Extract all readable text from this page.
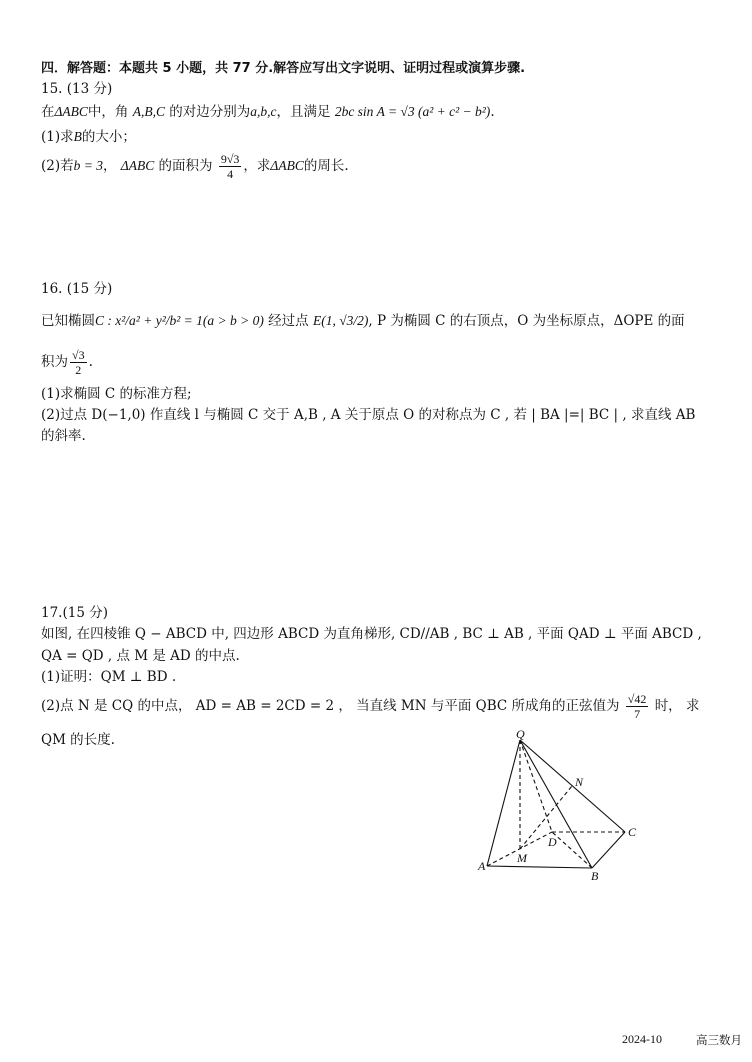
四．解答题：本题共 5 小题，共 77 分.解答应写出文字说明、证明过程或演算步骤.
15. (13 分)
在ΔABC中，角 A,B,C 的对边分别为a,b,c，且满足 2bc sin A = √3 (a² + c² − b²).
(1)求B的大小；
(2)若b = 3， ΔABC 的面积为 $\frac{9√3}{4}$ ，求ΔABC的周长.
16. (15 分)
已知椭圆C : x²/a² + y²/b² = 1(a > b > 0) 经过点 E(1, √3/2), P 为椭圆 C 的右顶点，O 为坐标原点，ΔOPE 的面
积为 $\frac{√3}{2}$ .
(1)求椭圆 C 的标准方程;
(2)过点 D(−1,0) 作直线 l 与椭圆 C 交于 A,B , A 关于原点 O 的对称点为 C , 若 | BA |=| BC | , 求直线 AB
的斜率.
17.(15 分)
如图, 在四棱锥 Q − ABCD 中, 四边形 ABCD 为直角梯形, CD//AB , BC ⊥ AB , 平面 QAD ⊥ 平面 ABCD ,
QA = QD , 点 M 是 AD 的中点.
(1)证明：QM ⊥ BD .
(2)点 N 是 CQ 的中点， AD = AB = 2CD = 2 ， 当直线 MN 与平面 QBC 所成角的正弦值为 $\frac{√42}{7}$ 时， 求
QM 的长度.	Q
N
C
D
M
A
B
2024-10	高三数月
